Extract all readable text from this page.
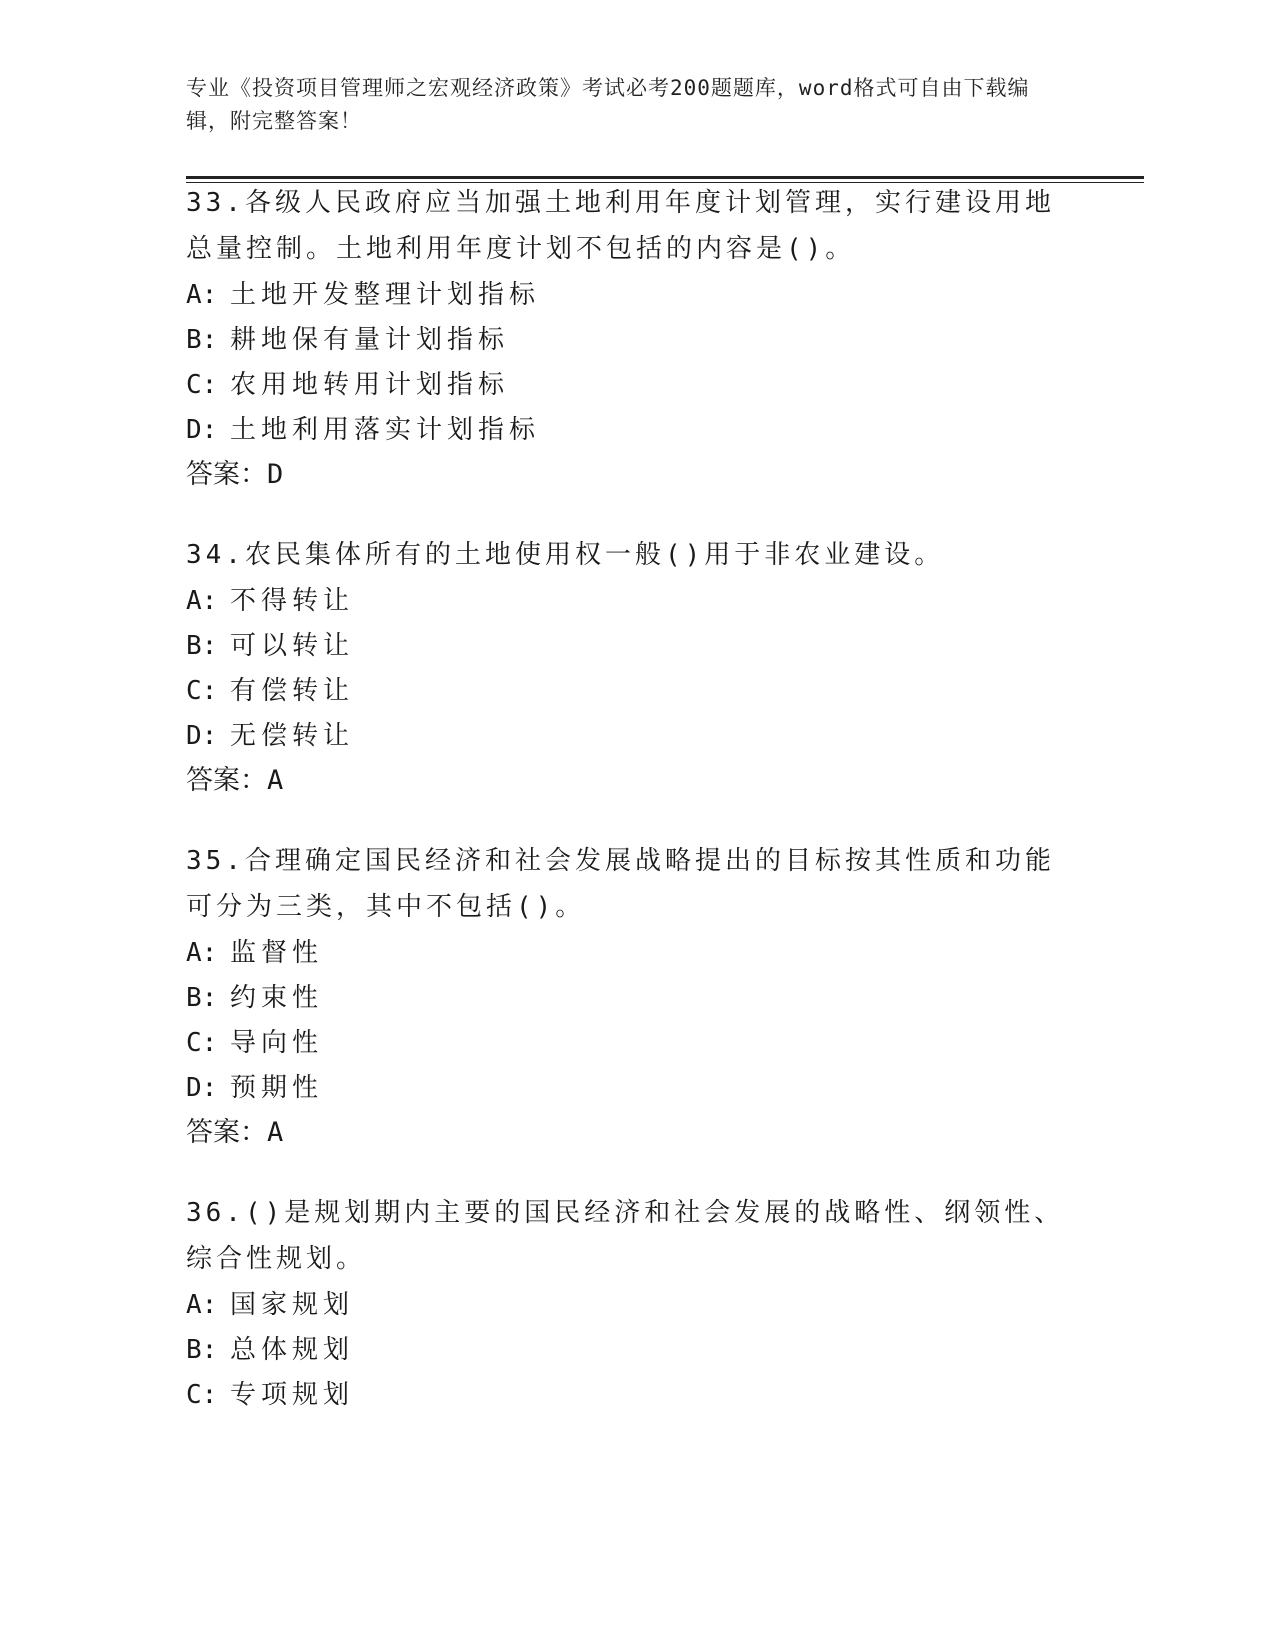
专业《投资项目管理师之宏观经济政策》考试必考200题题库，word格式可自由下载编辑，附完整答案！

33.各级人民政府应当加强土地利用年度计划管理，实行建设用地总量控制。土地利用年度计划不包括的内容是()。

A: 土地开发整理计划指标

B: 耕地保有量计划指标

C: 农用地转用计划指标

D: 土地利用落实计划指标

答案：D

34.农民集体所有的土地使用权一般()用于非农业建设。

A: 不得转让

B: 可以转让

C: 有偿转让

D: 无偿转让

答案：A

35.合理确定国民经济和社会发展战略提出的目标按其性质和功能可分为三类，其中不包括()。

A: 监督性

B: 约束性

C: 导向性

D: 预期性

答案：A

36.()是规划期内主要的国民经济和社会发展的战略性、纲领性、综合性规划。

A: 国家规划

B: 总体规划

C: 专项规划
